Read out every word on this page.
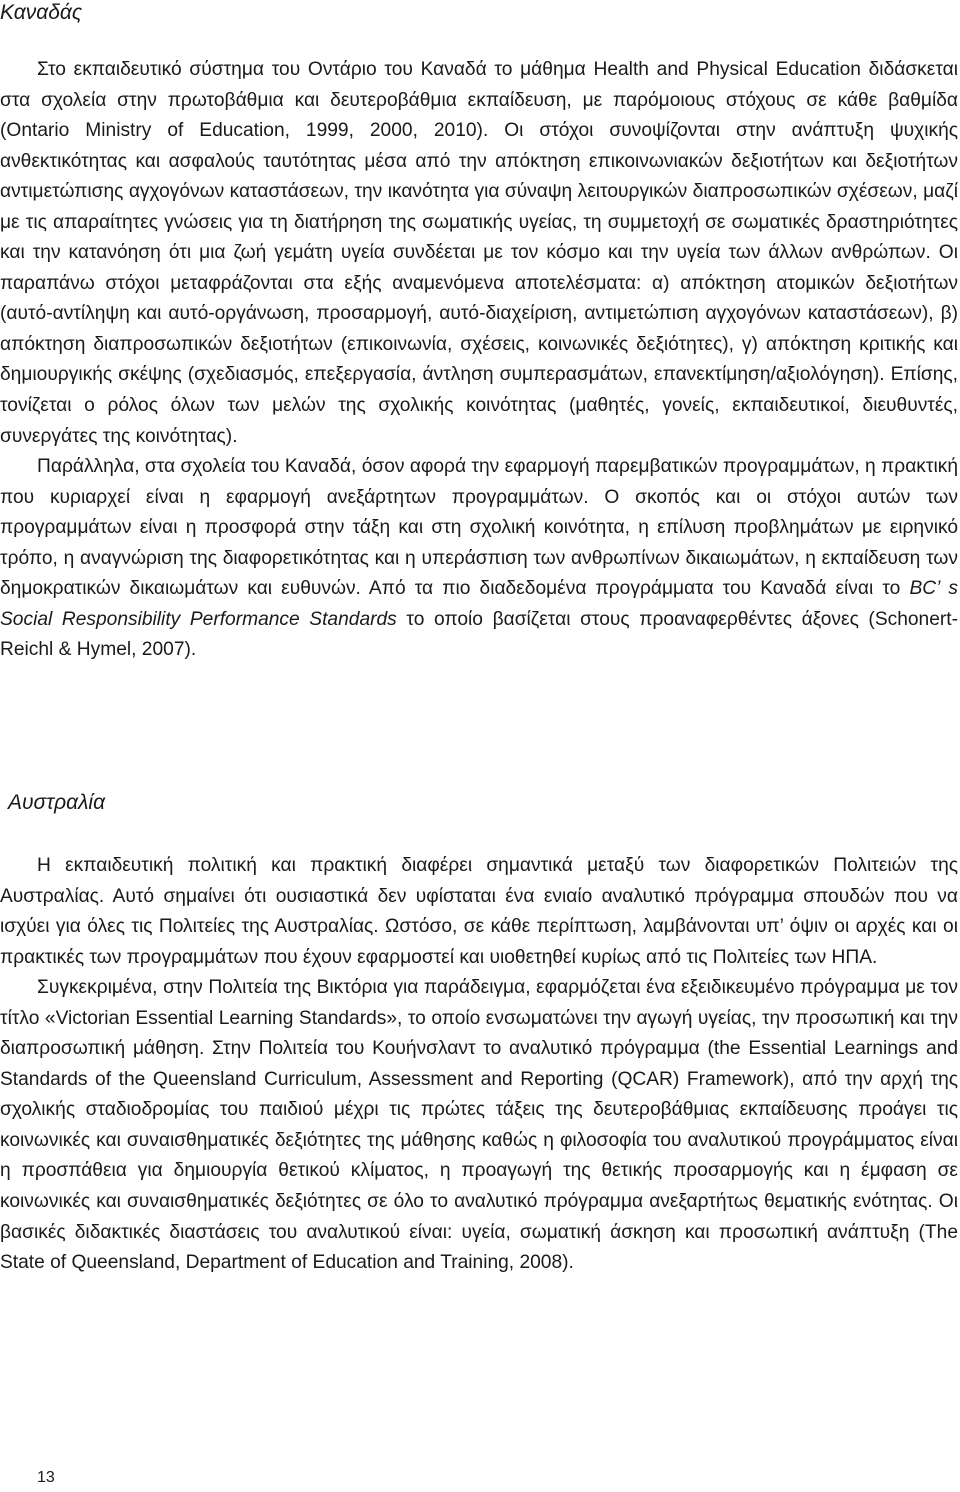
Καναδάς

Στο εκπαιδευτικό σύστημα του Οντάριο του Καναδά το μάθημα Health and Physical Education διδάσκεται στα σχολεία στην πρωτοβάθμια και δευτεροβάθμια εκπαίδευση, με παρόμοιους στόχους σε κάθε βαθμίδα (Ontario Ministry of Education, 1999, 2000, 2010). Οι στόχοι συνοψίζονται στην ανάπτυξη ψυχικής ανθεκτικότητας και ασφαλούς ταυτότητας μέσα από την απόκτηση επικοινωνιακών δεξιοτήτων και δεξιοτήτων αντιμετώπισης αγχογόνων καταστάσεων, την ικανότητα για σύναψη λειτουργικών διαπροσωπικών σχέσεων, μαζί με τις απαραίτητες γνώσεις για τη διατήρηση της σωματικής υγείας, τη συμμετοχή σε σωματικές δραστηριότητες και την κατανόηση ότι μια ζωή γεμάτη υγεία συνδέεται με τον κόσμο και την υγεία των άλλων ανθρώπων. Οι παραπάνω στόχοι μεταφράζονται στα εξής αναμενόμενα αποτελέσματα: α) απόκτηση ατομικών δεξιοτήτων (αυτό-αντίληψη και αυτό-οργάνωση, προσαρμογή, αυτό-διαχείριση, αντιμετώπιση αγχογόνων καταστάσεων), β) απόκτηση διαπροσωπικών δεξιοτήτων (επικοινωνία, σχέσεις, κοινωνικές δεξιότητες), γ) απόκτηση κριτικής και δημιουργικής σκέψης (σχεδιασμός, επεξεργασία, άντληση συμπερασμάτων, επανεκτίμηση/αξιολόγηση). Επίσης, τονίζεται ο ρόλος όλων των μελών της σχολικής κοινότητας (μαθητές, γονείς, εκπαιδευτικοί, διευθυντές, συνεργάτες της κοινότητας).

Παράλληλα, στα σχολεία του Καναδά, όσον αφορά την εφαρμογή παρεμβατικών προγραμμάτων, η πρακτική που κυριαρχεί είναι η εφαρμογή ανεξάρτητων προγραμμάτων. Ο σκοπός και οι στόχοι αυτών των προγραμμάτων είναι η προσφορά στην τάξη και στη σχολική κοινότητα, η επίλυση προβλημάτων με ειρηνικό τρόπο, η αναγνώριση της διαφορετικότητας και η υπεράσπιση των ανθρωπίνων δικαιωμάτων, η εκπαίδευση των δημοκρατικών δικαιωμάτων και ευθυνών. Από τα πιο διαδεδομένα προγράμματα του Καναδά είναι το BC’ s Social Responsibility Performance Standards το οποίο βασίζεται στους προαναφερθέντες άξονες (Schonert-Reichl & Hymel, 2007).

Αυστραλία

Η εκπαιδευτική πολιτική και πρακτική διαφέρει σημαντικά μεταξύ των διαφορετικών Πολιτειών της Αυστραλίας. Αυτό σημαίνει ότι ουσιαστικά δεν υφίσταται ένα ενιαίο αναλυτικό πρόγραμμα σπουδών που να ισχύει για όλες τις Πολιτείες της Αυστραλίας. Ωστόσο, σε κάθε περίπτωση, λαμβάνονται υπ’ όψιν οι αρχές και οι πρακτικές των προγραμμάτων που έχουν εφαρμοστεί και υιοθετηθεί κυρίως από τις Πολιτείες των ΗΠΑ.

Συγκεκριμένα, στην Πολιτεία της Βικτόρια για παράδειγμα, εφαρμόζεται ένα εξειδικευμένο πρόγραμμα με τον τίτλο «Victorian Essential Learning Standards», το οποίο ενσωματώνει την αγωγή υγείας, την προσωπική και την διαπροσωπική μάθηση. Στην Πολιτεία του Κουήνσλαντ το αναλυτικό πρόγραμμα (the Essential Learnings and Standards of the Queensland Curriculum, Assessment and Reporting (QCAR) Framework), από την αρχή της σχολικής σταδιοδρομίας του παιδιού μέχρι τις πρώτες τάξεις της δευτεροβάθμιας εκπαίδευσης προάγει τις κοινωνικές και συναισθηματικές δεξιότητες της μάθησης καθώς η φιλοσοφία του αναλυτικού προγράμματος είναι η προσπάθεια για δημιουργία θετικού κλίματος, η προαγωγή της θετικής προσαρμογής και η έμφαση σε κοινωνικές και συναισθηματικές δεξιότητες σε όλο το αναλυτικό πρόγραμμα ανεξαρτήτως θεματικής ενότητας. Οι βασικές διδακτικές διαστάσεις του αναλυτικού είναι: υγεία, σωματική άσκηση και προσωπική ανάπτυξη (The State of Queensland, Department of Education and Training, 2008).

13
